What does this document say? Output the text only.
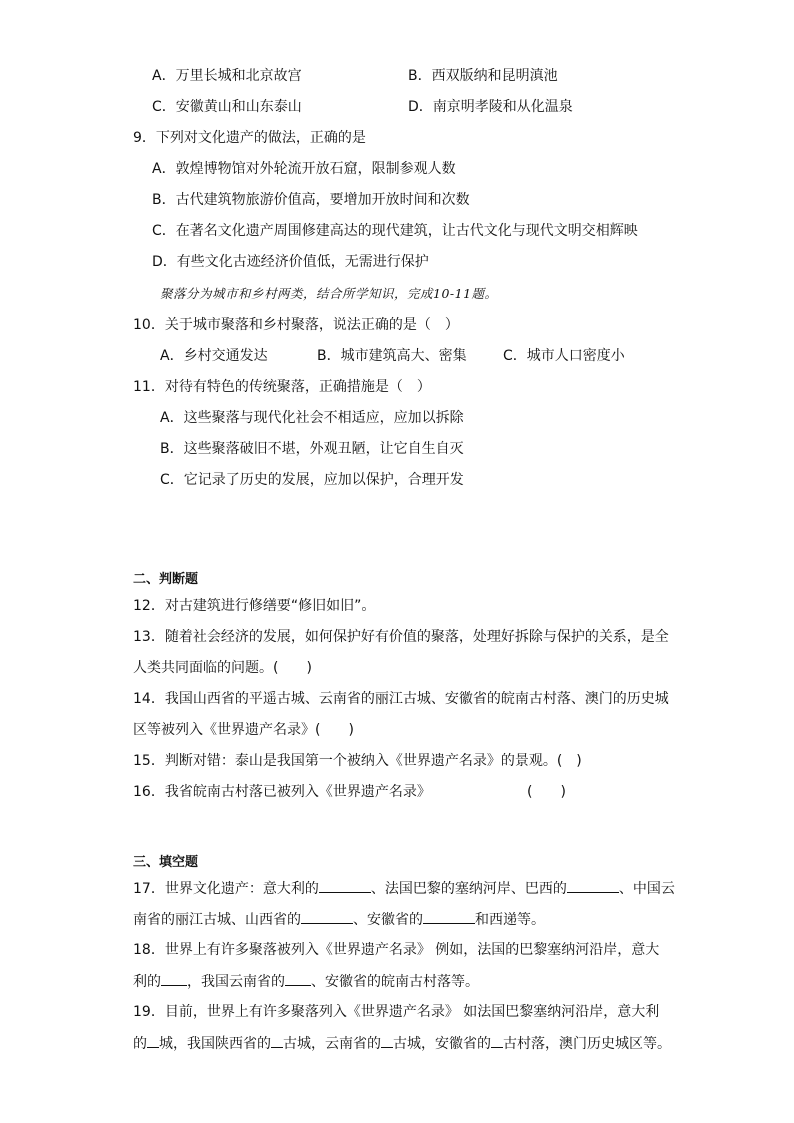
A．万里长城和北京故宫	B．西双版纳和昆明滇池
C．安徽黄山和山东泰山	D．南京明孝陵和从化温泉
9．下列对文化遗产的做法，正确的是
A．敦煌博物馆对外轮流开放石窟，限制参观人数
B．古代建筑物旅游价值高，要增加开放时间和次数
C．在著名文化遗产周围修建高达的现代建筑，让古代文化与现代文明交相辉映
D．有些文化古迹经济价值低，无需进行保护
聚落分为城市和乡村两类，结合所学知识，完成10-11题。
10．关于城市聚落和乡村聚落，说法正确的是（　）
A．乡村交通发达	B．城市建筑高大、密集	C．城市人口密度小
11．对待有特色的传统聚落，正确措施是（　）
A．这些聚落与现代化社会不相适应，应加以拆除
B．这些聚落破旧不堪，外观丑陋，让它自生自灭
C．它记录了历史的发展，应加以保护，合理开发
二、判断题
12．对古建筑进行修缮要“修旧如旧”。
13．随着社会经济的发展，如何保护好有价值的聚落，处理好拆除与保护的关系，是全
人类共同面临的问题。(　　)
14．我国山西省的平遥古城、云南省的丽江古城、安徽省的皖南古村落、澳门的历史城
区等被列入《世界遗产名录》(　　)
15．判断对错：泰山是我国第一个被纳入《世界遗产名录》的景观。(　)
16．我省皖南古村落已被列入《世界遗产名录》	(　　)
三、填空题
17．世界文化遗产：意大利的	、法国巴黎的塞纳河岸、巴西的	、中国云
南省的丽江古城、山西省的	、安徽省的	和西递等。
18．世界上有许多聚落被列入《世界遗产名录》 例如，法国的巴黎塞纳河沿岸，意大
利的 ，我国云南省的 、安徽省的皖南古村落等。
19．目前，世界上有许多聚落列入《世界遗产名录》 如法国巴黎塞纳河沿岸，意大利
的 城，我国陕西省的 古城，云南省的 古城，安徽省的 古村落，澳门历史城区等。
